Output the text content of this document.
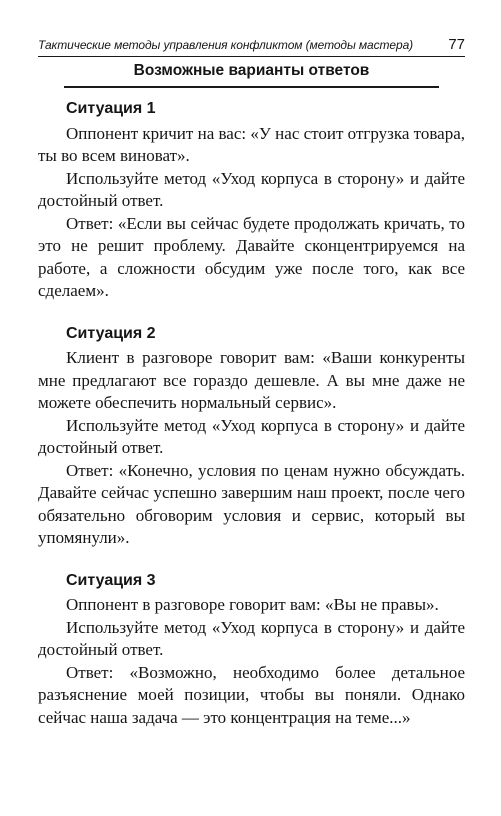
Тактические методы управления конфликтом (методы мастера) 77
Возможные варианты ответов

Ситуация 1

Оппонент кричит на вас: «У нас стоит отгрузка товара, ты во всем виноват».

Используйте метод «Уход корпуса в сторону» и дайте достойный ответ.

Ответ: «Если вы сейчас будете продолжать кричать, то это не решит проблему. Давайте сконцентрируемся на работе, а сложности обсудим уже после того, как все сделаем».

Ситуация 2

Клиент в разговоре говорит вам: «Ваши конкуренты мне предлагают все гораздо дешевле. А вы мне даже не можете обеспечить нормальный сервис».

Используйте метод «Уход корпуса в сторону» и дайте достойный ответ.

Ответ: «Конечно, условия по ценам нужно обсуждать. Давайте сейчас успешно завершим наш проект, после чего обязательно обговорим условия и сервис, который вы упомянули».

Ситуация 3

Оппонент в разговоре говорит вам: «Вы не правы».

Используйте метод «Уход корпуса в сторону» и дайте достойный ответ.

Ответ: «Возможно, необходимо более детальное разъяснение моей позиции, чтобы вы поняли. Однако сейчас наша задача — это концентрация на теме...»
